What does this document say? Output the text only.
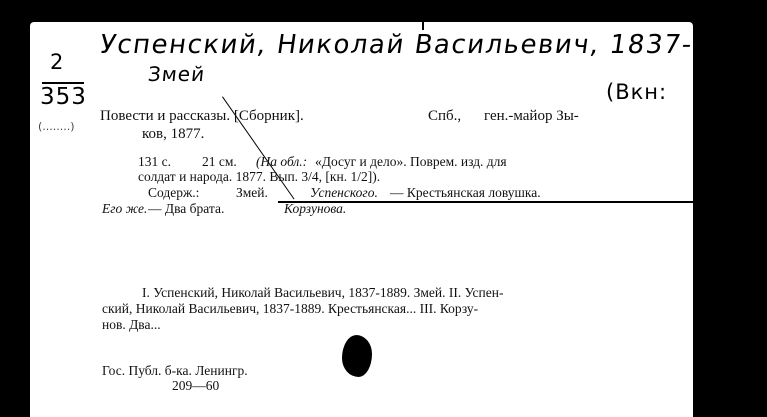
2
353
(........)
Успенский, Николай Васильевич, 1837-1889
Змей
(Вкн:
Повести и рассказы. [Сборник].	Спб., ген.-майор Зы-
ков, 1877.
131 с. 21 см. (На обл.: «Досуг и дело». Поврем. изд. для
солдат и народа. 1877. Вып. 3/4, [кн. 1/2]).
Содерж.:	Змей.	Успенского. — Крестьянская ловушка.
Его же. — Два брата.	Корзунова.
I. Успенский, Николай Васильевич, 1837-1889. Змей. II. Успен-
ский, Николай Васильевич, 1837-1889. Крестьянская... III. Корзу-
нов. Два...
Гос. Публ. б-ка. Ленингр.
209—60
